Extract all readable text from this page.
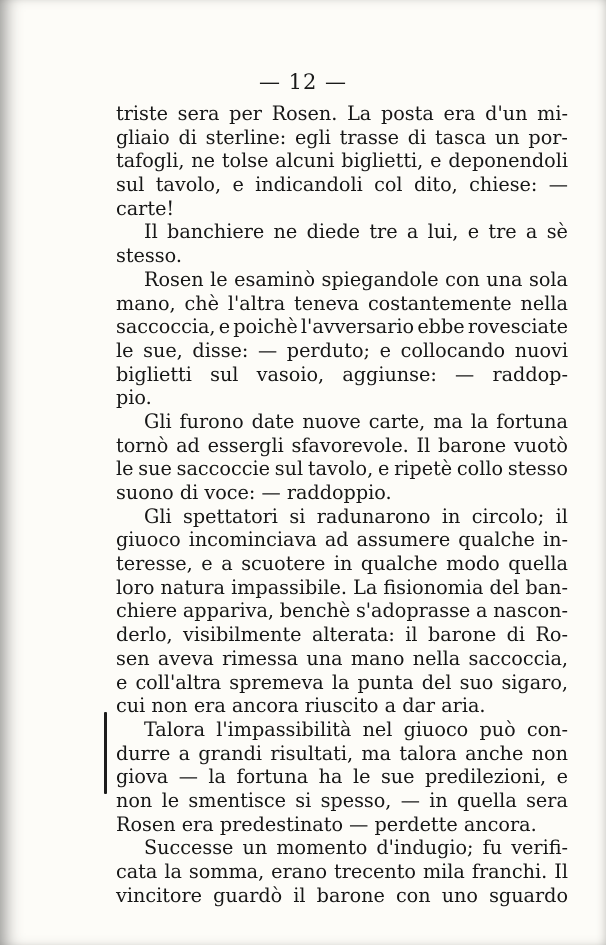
— 12 —
triste sera per Rosen. La posta era d'un mi-
gliaio di sterline: egli trasse di tasca un por-
tafogli, ne tolse alcuni biglietti, e deponendoli
sul tavolo, e indicandoli col dito, chiese: —
carte!
Il banchiere ne diede tre a lui, e tre a sè
stesso.
Rosen le esaminò spiegandole con una sola
mano, chè l'altra teneva costantemente nella
saccoccia, e poichè l'avversario ebbe rovesciate
le sue, disse: — perduto; e collocando nuovi
biglietti sul vasoio, aggiunse: — raddop-
pio.
Gli furono date nuove carte, ma la fortuna
tornò ad essergli sfavorevole. Il barone vuotò
le sue saccoccie sul tavolo, e ripetè collo stesso
suono di voce: — raddoppio.
Gli spettatori si radunarono in circolo; il
giuoco incominciava ad assumere qualche in-
teresse, e a scuotere in qualche modo quella
loro natura impassibile. La fisionomia del ban-
chiere appariva, benchè s'adoprasse a nascon-
derlo, visibilmente alterata: il barone di Ro-
sen aveva rimessa una mano nella saccoccia,
e coll'altra spremeva la punta del suo sigaro,
cui non era ancora riuscito a dar aria.
Talora l'impassibilità nel giuoco può con-
durre a grandi risultati, ma talora anche non
giova — la fortuna ha le sue predilezioni, e
non le smentisce si spesso, — in quella sera
Rosen era predestinato — perdette ancora.
Successe un momento d'indugio; fu verifi-
cata la somma, erano trecento mila franchi. Il
vincitore guardò il barone con uno sguardo
